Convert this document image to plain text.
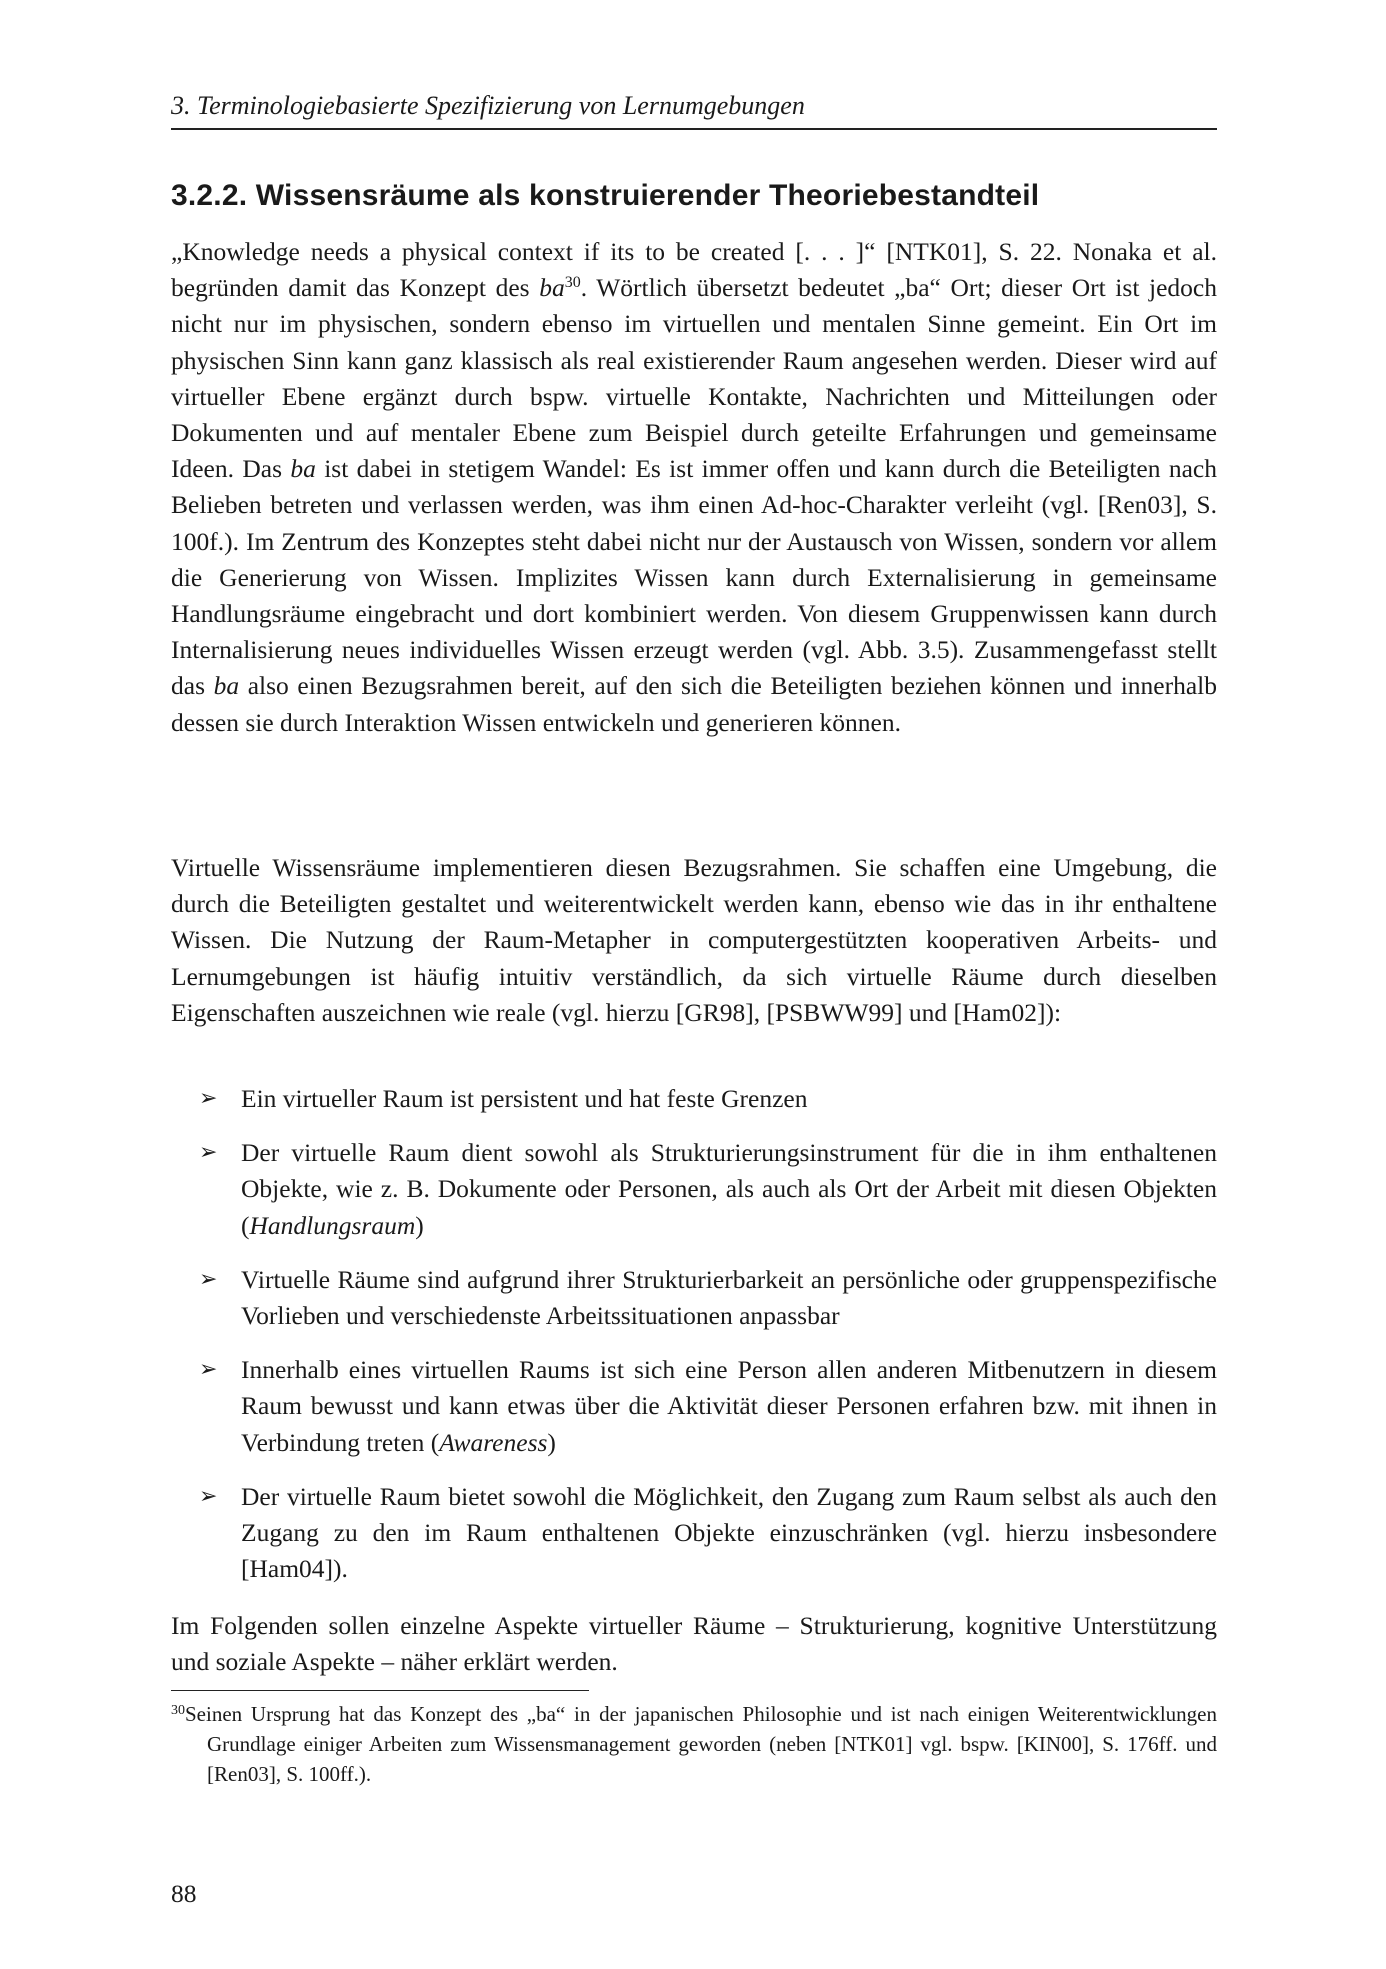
3. Terminologiebasierte Spezifizierung von Lernumgebungen
3.2.2. Wissensräume als konstruierender Theoriebestandteil

„Knowledge needs a physical context if its to be created [. . . ]“ [NTK01], S. 22. Nonaka et al. begründen damit das Konzept des ba$^{30}$. Wörtlich übersetzt bedeutet „ba“ Ort; dieser Ort ist jedoch nicht nur im physischen, sondern ebenso im virtuellen und mentalen Sinne gemeint. Ein Ort im physischen Sinn kann ganz klassisch als real existierender Raum angesehen werden. Dieser wird auf virtueller Ebene ergänzt durch bspw. virtuelle Kontakte, Nachrichten und Mitteilungen oder Dokumenten und auf mentaler Ebene zum Beispiel durch geteilte Erfahrungen und gemeinsame Ideen. Das ba ist dabei in stetigem Wandel: Es ist immer offen und kann durch die Beteiligten nach Belieben betreten und verlassen werden, was ihm einen Ad-hoc-Charakter verleiht (vgl. [Ren03], S. 100f.). Im Zentrum des Konzeptes steht dabei nicht nur der Austausch von Wissen, sondern vor allem die Generierung von Wissen. Implizites Wissen kann durch Externalisierung in gemeinsame Handlungsräume eingebracht und dort kombiniert werden. Von diesem Gruppenwissen kann durch Internalisierung neues individuelles Wissen erzeugt werden (vgl. Abb. 3.5). Zusammengefasst stellt das ba also einen Bezugsrahmen bereit, auf den sich die Beteiligten beziehen können und innerhalb dessen sie durch Interaktion Wissen entwickeln und generieren können.

Virtuelle Wissensräume implementieren diesen Bezugsrahmen. Sie schaffen eine Umgebung, die durch die Beteiligten gestaltet und weiterentwickelt werden kann, ebenso wie das in ihr enthaltene Wissen. Die Nutzung der Raum-Metapher in computergestützten kooperativen Arbeits- und Lernumgebungen ist häufig intuitiv verständlich, da sich virtuelle Räume durch dieselben Eigenschaften auszeichnen wie reale (vgl. hierzu [GR98], [PSBWW99] und [Ham02]):

➢ Ein virtueller Raum ist persistent und hat feste Grenzen
➢ Der virtuelle Raum dient sowohl als Strukturierungsinstrument für die in ihm enthaltenen Objekte, wie z. B. Dokumente oder Personen, als auch als Ort der Arbeit mit diesen Objekten (Handlungsraum)
➢ Virtuelle Räume sind aufgrund ihrer Strukturierbarkeit an persönliche oder gruppenspezifische Vorlieben und verschiedenste Arbeitssituationen anpassbar
➢ Innerhalb eines virtuellen Raums ist sich eine Person allen anderen Mitbenutzern in diesem Raum bewusst und kann etwas über die Aktivität dieser Personen erfahren bzw. mit ihnen in Verbindung treten (Awareness)
➢ Der virtuelle Raum bietet sowohl die Möglichkeit, den Zugang zum Raum selbst als auch den Zugang zu den im Raum enthaltenen Objekte einzuschränken (vgl. hierzu insbesondere [Ham04]).

Im Folgenden sollen einzelne Aspekte virtueller Räume – Strukturierung, kognitive Unterstützung und soziale Aspekte – näher erklärt werden.

$^{30}$Seinen Ursprung hat das Konzept des „ba“ in der japanischen Philosophie und ist nach einigen Weiterentwicklungen Grundlage einiger Arbeiten zum Wissensmanagement geworden (neben [NTK01] vgl. bspw. [KIN00], S. 176ff. und [Ren03], S. 100ff.).

88
